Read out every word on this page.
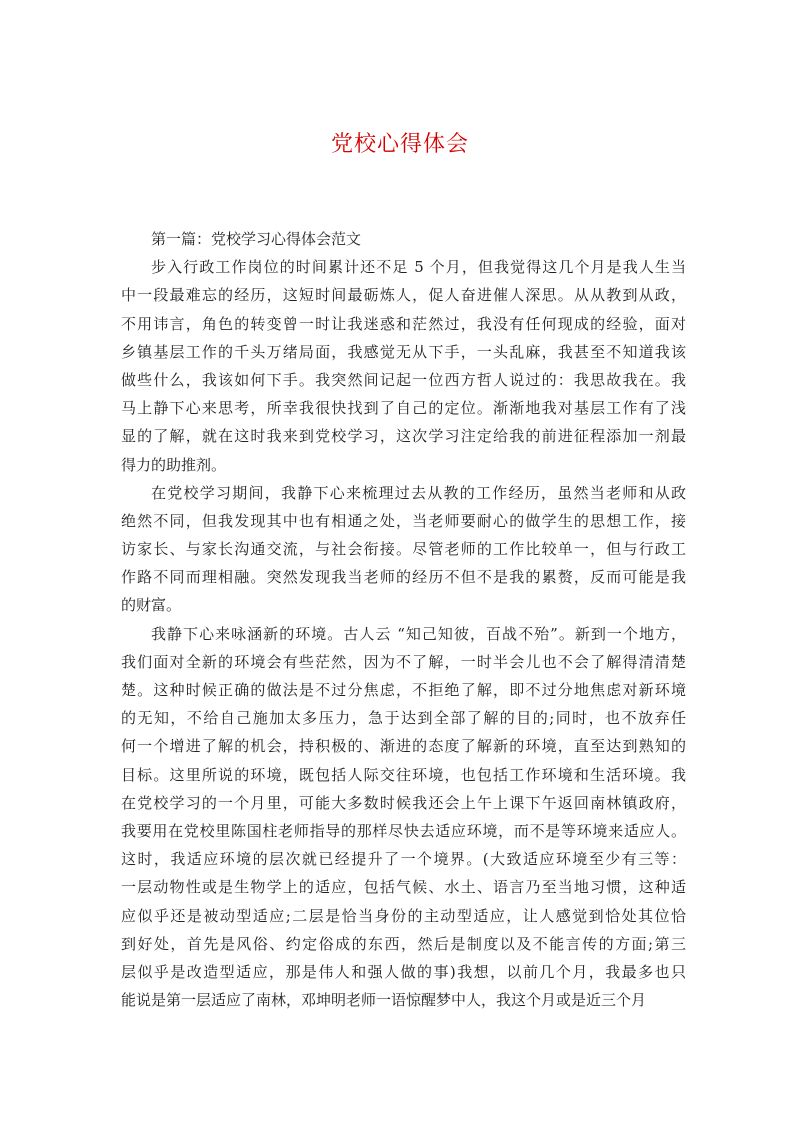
党校心得体会
第一篇：党校学习心得体会范文
步入行政工作岗位的时间累计还不足 5 个月，但我觉得这几个月是我人生当
中一段最难忘的经历，这短时间最砺炼人，促人奋进催人深思。从从教到从政，
不用讳言，角色的转变曾一时让我迷惑和茫然过，我没有任何现成的经验，面对
乡镇基层工作的千头万绪局面，我感觉无从下手，一头乱麻，我甚至不知道我该
做些什么，我该如何下手。我突然间记起一位西方哲人说过的：我思故我在。我
马上静下心来思考，所幸我很快找到了自己的定位。渐渐地我对基层工作有了浅
显的了解，就在这时我来到党校学习，这次学习注定给我的前进征程添加一剂最
得力的助推剂。
在党校学习期间，我静下心来梳理过去从教的工作经历，虽然当老师和从政
绝然不同，但我发现其中也有相通之处，当老师要耐心的做学生的思想工作，接
访家长、与家长沟通交流，与社会衔接。尽管老师的工作比较单一，但与行政工
作路不同而理相融。突然发现我当老师的经历不但不是我的累赘，反而可能是我
的财富。
我静下心来咏涵新的环境。古人云 “知己知彼，百战不殆”。新到一个地方，
我们面对全新的环境会有些茫然，因为不了解，一时半会儿也不会了解得清清楚
楚。这种时候正确的做法是不过分焦虑，不拒绝了解，即不过分地焦虑对新环境
的无知，不给自己施加太多压力，急于达到全部了解的目的;同时，也不放弃任
何一个增进了解的机会，持积极的、渐进的态度了解新的环境，直至达到熟知的
目标。这里所说的环境，既包括人际交往环境，也包括工作环境和生活环境。我
在党校学习的一个月里，可能大多数时候我还会上午上课下午返回南林镇政府，
我要用在党校里陈国柱老师指导的那样尽快去适应环境，而不是等环境来适应人。
这时，我适应环境的层次就已经提升了一个境界。(大致适应环境至少有三等：
一层动物性或是生物学上的适应，包括气候、水土、语言乃至当地习惯，这种适
应似乎还是被动型适应;二层是恰当身份的主动型适应，让人感觉到恰处其位恰
到好处，首先是风俗、约定俗成的东西，然后是制度以及不能言传的方面;第三
层似乎是改造型适应，那是伟人和强人做的事)我想，以前几个月，我最多也只
能说是第一层适应了南林，邓坤明老师一语惊醒梦中人，我这个月或是近三个月
